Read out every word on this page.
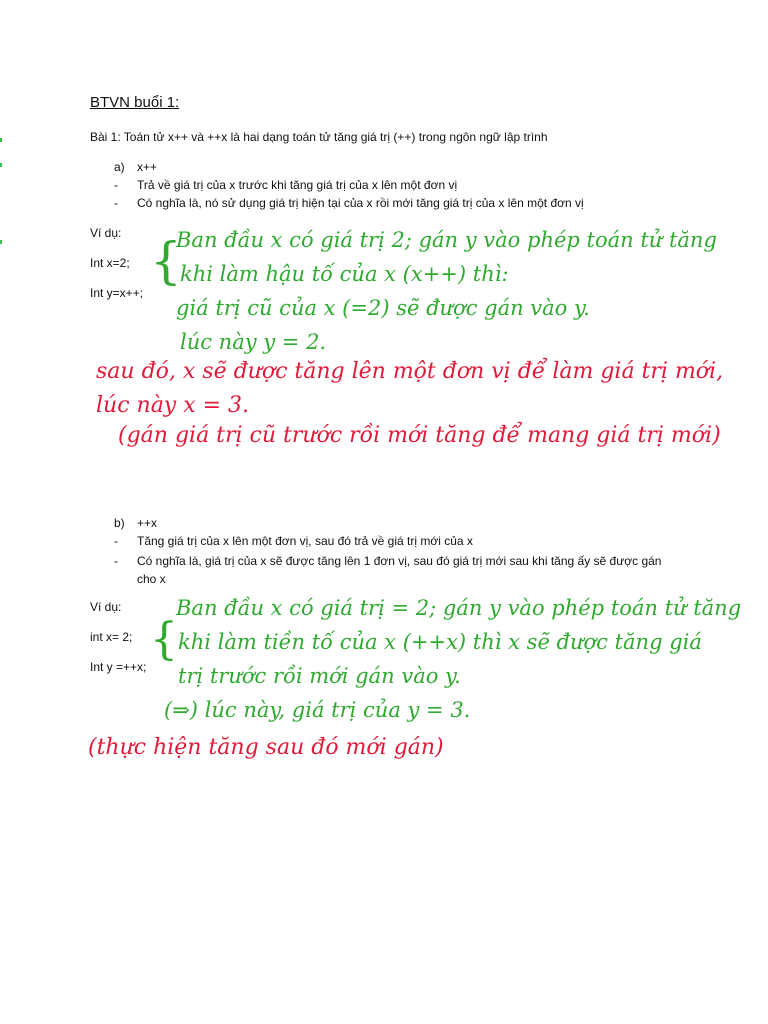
BTVN buổi 1:
Bài 1: Toán tử x++ và ++x là hai dạng toán tử tăng giá trị (++) trong ngôn ngữ lập trình
a) x++
- Trả về giá trị của x trước khi tăng giá trị của x lên một đơn vị
- Có nghĩa là, nó sử dụng giá trị hiện tại của x rồi mới tăng giá trị của x lên một đơn vị
Ví dụ:
Int x=2;
Int y=x++;
{
Ban đầu x có giá trị 2; gán y vào phép toán tử tăng
khi làm hậu tố của x (x++) thì:
giá trị cũ của x (=2) sẽ được gán vào y.
lúc này y = 2.
sau đó, x sẽ được tăng lên một đơn vị để làm giá trị mới,
lúc này x = 3.
(gán giá trị cũ trước rồi mới tăng để mang giá trị mới)
b) ++x
- Tăng giá trị của x lên một đơn vị, sau đó trả về giá trị mới của x
- Có nghĩa là, giá trị của x sẽ được tăng lên 1 đơn vị, sau đó giá trị mới sau khi tăng ấy sẽ được gán
cho x
Ví dụ:
int x= 2;
Int y =++x;
{
Ban đầu x có giá trị = 2; gán y vào phép toán tử tăng
khi làm tiền tố của x (++x) thì x sẽ được tăng giá
trị trước rồi mới gán vào y.
(⇒) lúc này, giá trị của y = 3.
(thực hiện tăng sau đó mới gán)
